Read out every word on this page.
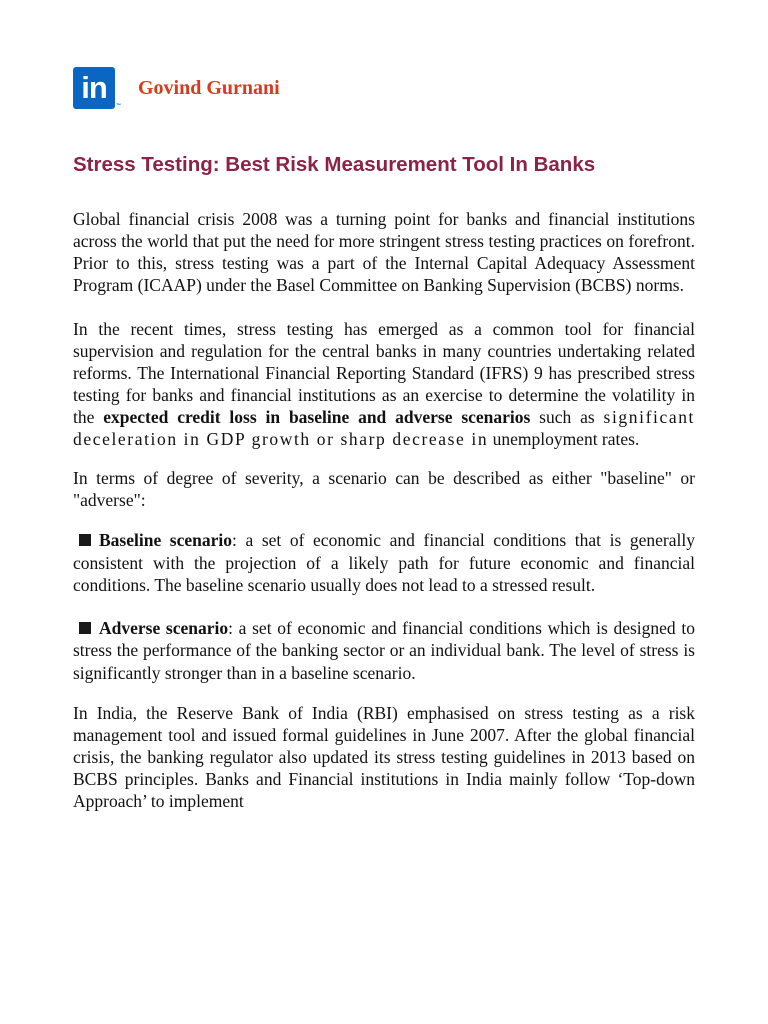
in
™
Govind Gurnani
Stress Testing: Best Risk Measurement Tool In Banks

Global financial crisis 2008 was a turning point for banks and financial institutions across the world that put the need for more stringent stress testing practices on forefront. Prior to this, stress testing was a part of the Internal Capital Adequacy Assessment Program (ICAAP) under the Basel Committee on Banking Supervision (BCBS) norms.

In the recent times, stress testing has emerged as a common tool for financial supervision and regulation for the central banks in many countries undertaking related reforms. The International Financial Reporting Standard (IFRS) 9 has prescribed stress testing for banks and financial institutions as an exercise to determine the volatility in the expected credit loss in baseline and adverse scenarios such as significant deceleration in GDP growth or sharp decrease in unemployment rates.

In terms of degree of severity, a scenario can be described as either "baseline" or "adverse":

Baseline scenario: a set of economic and financial conditions that is generally consistent with the projection of a likely path for future economic and financial conditions. The baseline scenario usually does not lead to a stressed result.

Adverse scenario: a set of economic and financial conditions which is designed to stress the performance of the banking sector or an individual bank. The level of stress is significantly stronger than in a baseline scenario.

In India, the Reserve Bank of India (RBI) emphasised on stress testing as a risk management tool and issued formal guidelines in June 2007. After the global financial crisis, the banking regulator also updated its stress testing guidelines in 2013 based on BCBS principles. Banks and Financial institutions in India mainly follow ‘Top-down Approach’ to implement
